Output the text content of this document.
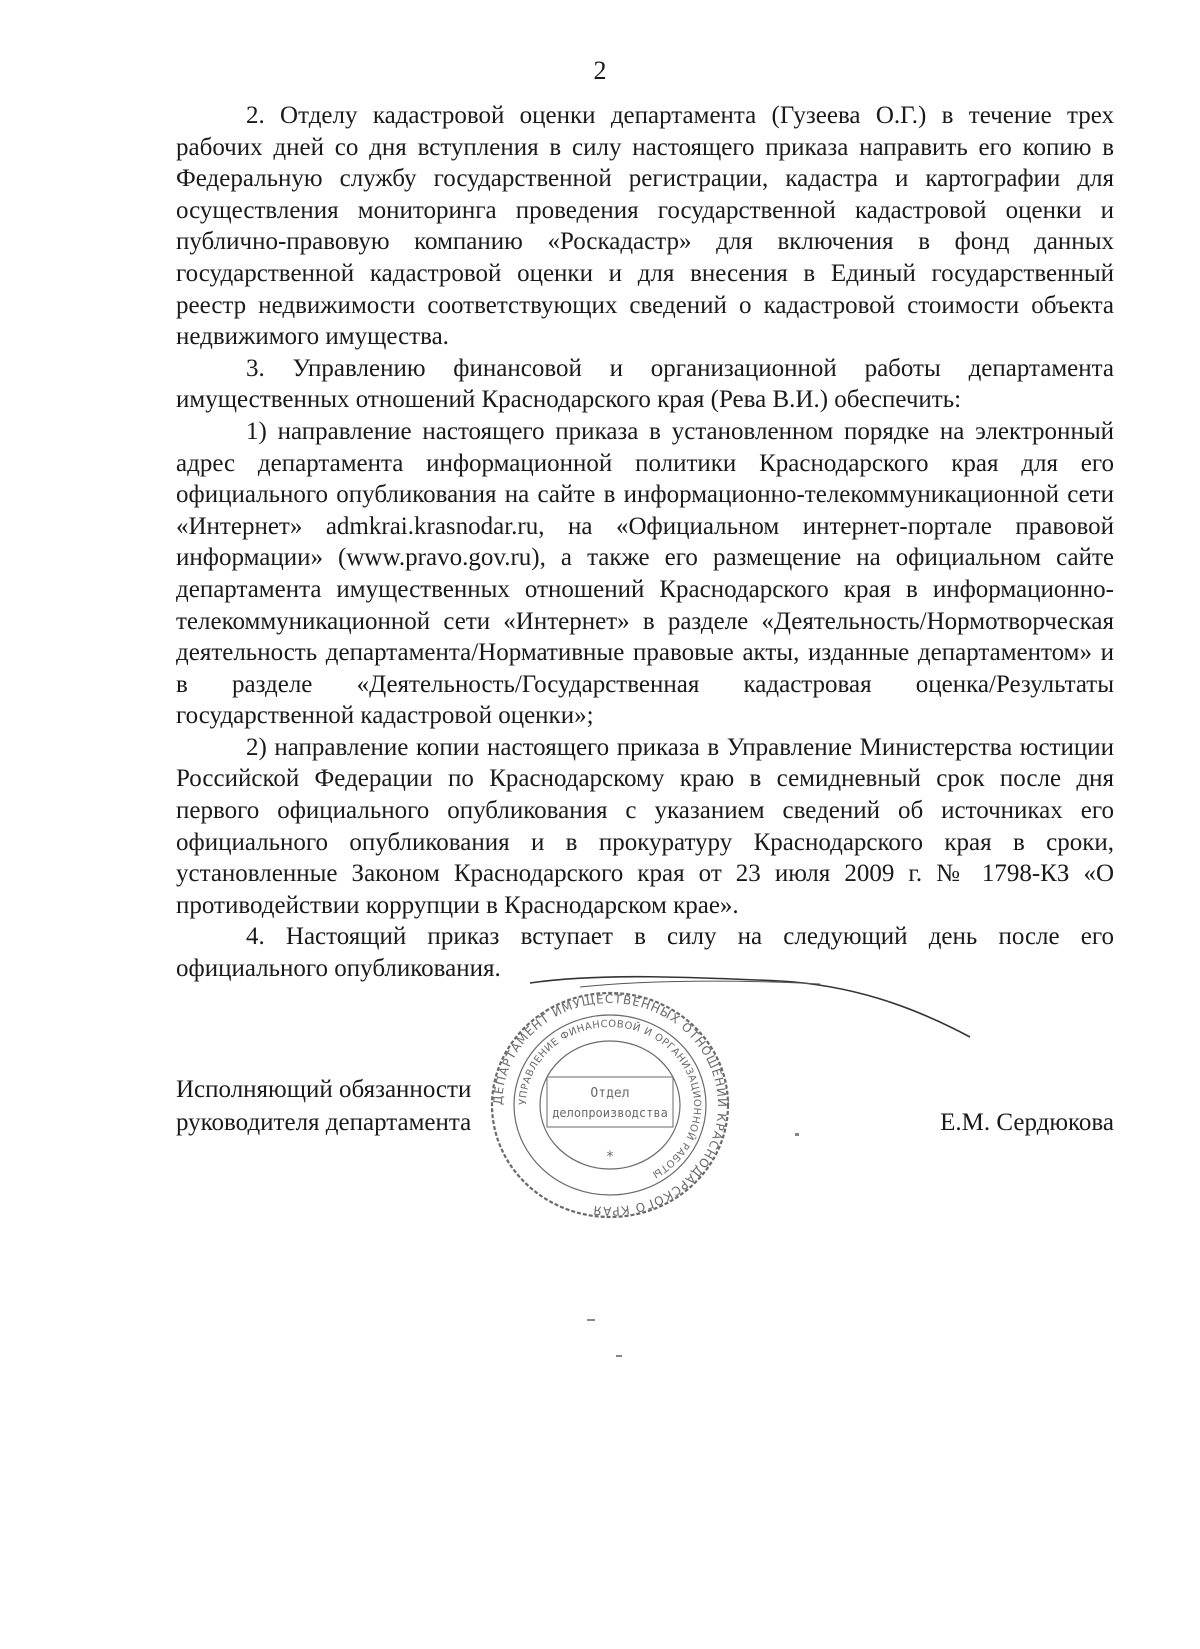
2

2. Отделу кадастровой оценки департамента (Гузеева О.Г.) в течение трех рабочих дней со дня вступления в силу настоящего приказа направить его копию в Федеральную службу государственной регистрации, кадастра и картографии для осуществления мониторинга проведения государственной кадастровой оценки и публично-правовую компанию «Роскадастр» для включения в фонд данных государственной кадастровой оценки и для внесения в Единый государственный реестр недвижимости соответствующих сведений о кадастровой стоимости объекта недвижимого имущества.

3. Управлению финансовой и организационной работы департамента имущественных отношений Краснодарского края (Рева В.И.) обеспечить:

1) направление настоящего приказа в установленном порядке на электронный адрес департамента информационной политики Краснодарского края для его официального опубликования на сайте в информационно-телекоммуникационной сети «Интернет» admkrai.krasnodar.ru, на «Официальном интернет-портале правовой информации» (www.pravo.gov.ru), а также его размещение на официальном сайте департамента имущественных отношений Краснодарского края в информационно-телекоммуникационной сети «Интернет» в разделе «Деятельность/Нормотворческая деятельность департамента/Нормативные правовые акты, изданные департаментом» и в разделе «Деятельность/Государственная кадастровая оценка/Результаты государственной кадастровой оценки»;

2) направление копии настоящего приказа в Управление Министерства юстиции Российской Федерации по Краснодарскому краю в семидневный срок после дня первого официального опубликования с указанием сведений об источниках его официального опубликования и в прокуратуру Краснодарского края в сроки, установленные Законом Краснодарского края от 23 июля 2009 г. № 1798-КЗ «О противодействии коррупции в Краснодарском крае».

4. Настоящий приказ вступает в силу на следующий день после его официального опубликования.

ДЕПАРТАМЕНТ ИМУЩЕСТВЕННЫХ ОТНОШЕНИЙ КРАСНОДАРСКОГО КРАЯ
УПРАВЛЕНИЕ ФИНАНСОВОЙ И ОРГАНИЗАЦИОННОЙ РАБОТЫ
Отдел
делопроизводства
*
Исполняющий обязанности
руководителя департамента	Е.М. Сердюкова
